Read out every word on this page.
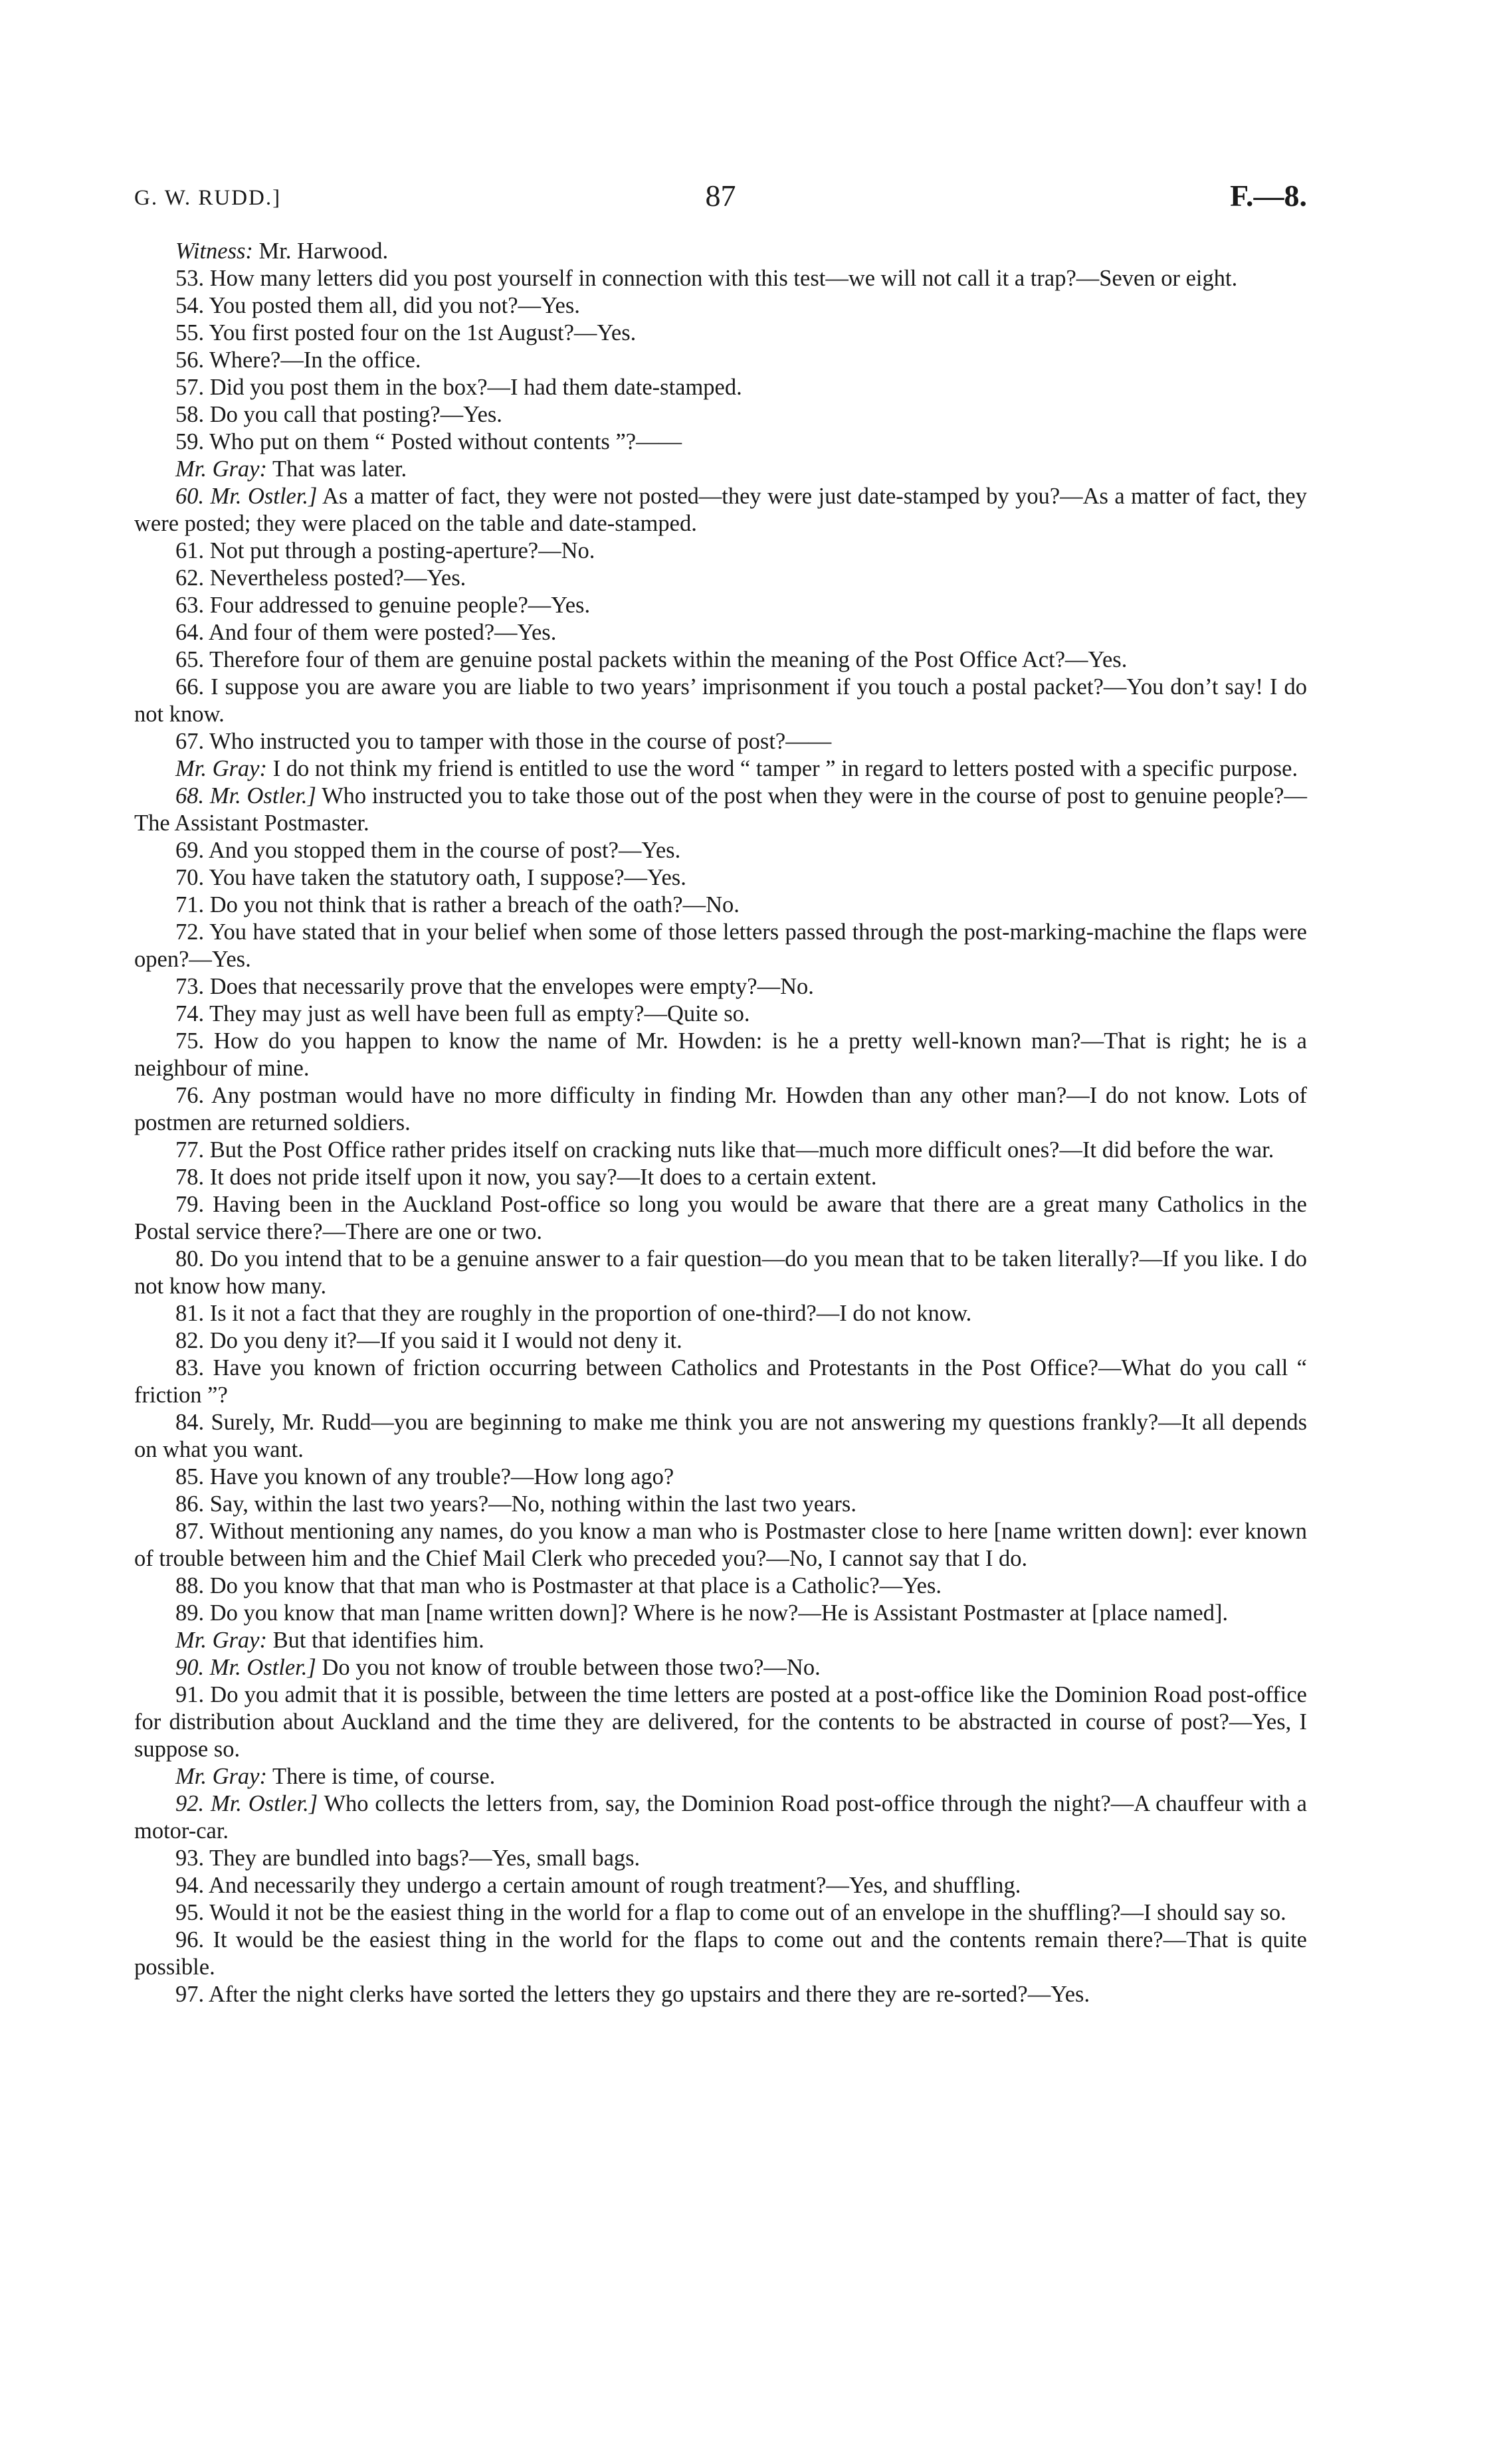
G. W. RUDD.]	87	F.—8.

Witness: Mr. Harwood.

53. How many letters did you post yourself in connection with this test—we will not call it a trap?—Seven or eight.

54. You posted them all, did you not?—Yes.

55. You first posted four on the 1st August?—Yes.

56. Where?—In the office.

57. Did you post them in the box?—I had them date-stamped.

58. Do you call that posting?—Yes.

59. Who put on them “ Posted without contents ”?——

Mr. Gray: That was later.

60. Mr. Ostler.] As a matter of fact, they were not posted—they were just date-stamped by you?—As a matter of fact, they were posted; they were placed on the table and date-stamped.

61. Not put through a posting-aperture?—No.

62. Nevertheless posted?—Yes.

63. Four addressed to genuine people?—Yes.

64. And four of them were posted?—Yes.

65. Therefore four of them are genuine postal packets within the meaning of the Post Office Act?—Yes.

66. I suppose you are aware you are liable to two years’ imprisonment if you touch a postal packet?—You don’t say! I do not know.

67. Who instructed you to tamper with those in the course of post?——

Mr. Gray: I do not think my friend is entitled to use the word “ tamper ” in regard to letters posted with a specific purpose.

68. Mr. Ostler.] Who instructed you to take those out of the post when they were in the course of post to genuine people?—The Assistant Postmaster.

69. And you stopped them in the course of post?—Yes.

70. You have taken the statutory oath, I suppose?—Yes.

71. Do you not think that is rather a breach of the oath?—No.

72. You have stated that in your belief when some of those letters passed through the post-marking-machine the flaps were open?—Yes.

73. Does that necessarily prove that the envelopes were empty?—No.

74. They may just as well have been full as empty?—Quite so.

75. How do you happen to know the name of Mr. Howden: is he a pretty well-known man?—That is right; he is a neighbour of mine.

76. Any postman would have no more difficulty in finding Mr. Howden than any other man?—I do not know. Lots of postmen are returned soldiers.

77. But the Post Office rather prides itself on cracking nuts like that—much more difficult ones?—It did before the war.

78. It does not pride itself upon it now, you say?—It does to a certain extent.

79. Having been in the Auckland Post-office so long you would be aware that there are a great many Catholics in the Postal service there?—There are one or two.

80. Do you intend that to be a genuine answer to a fair question—do you mean that to be taken literally?—If you like. I do not know how many.

81. Is it not a fact that they are roughly in the proportion of one-third?—I do not know.

82. Do you deny it?—If you said it I would not deny it.

83. Have you known of friction occurring between Catholics and Protestants in the Post Office?—What do you call “ friction ”?

84. Surely, Mr. Rudd—you are beginning to make me think you are not answering my questions frankly?—It all depends on what you want.

85. Have you known of any trouble?—How long ago?

86. Say, within the last two years?—No, nothing within the last two years.

87. Without mentioning any names, do you know a man who is Postmaster close to here [name written down]: ever known of trouble between him and the Chief Mail Clerk who preceded you?—No, I cannot say that I do.

88. Do you know that that man who is Postmaster at that place is a Catholic?—Yes.

89. Do you know that man [name written down]? Where is he now?—He is Assistant Postmaster at [place named].

Mr. Gray: But that identifies him.

90. Mr. Ostler.] Do you not know of trouble between those two?—No.

91. Do you admit that it is possible, between the time letters are posted at a post-office like the Dominion Road post-office for distribution about Auckland and the time they are delivered, for the contents to be abstracted in course of post?—Yes, I suppose so.

Mr. Gray: There is time, of course.

92. Mr. Ostler.] Who collects the letters from, say, the Dominion Road post-office through the night?—A chauffeur with a motor-car.

93. They are bundled into bags?—Yes, small bags.

94. And necessarily they undergo a certain amount of rough treatment?—Yes, and shuffling.

95. Would it not be the easiest thing in the world for a flap to come out of an envelope in the shuffling?—I should say so.

96. It would be the easiest thing in the world for the flaps to come out and the contents remain there?—That is quite possible.

97. After the night clerks have sorted the letters they go upstairs and there they are re-sorted?—Yes.
